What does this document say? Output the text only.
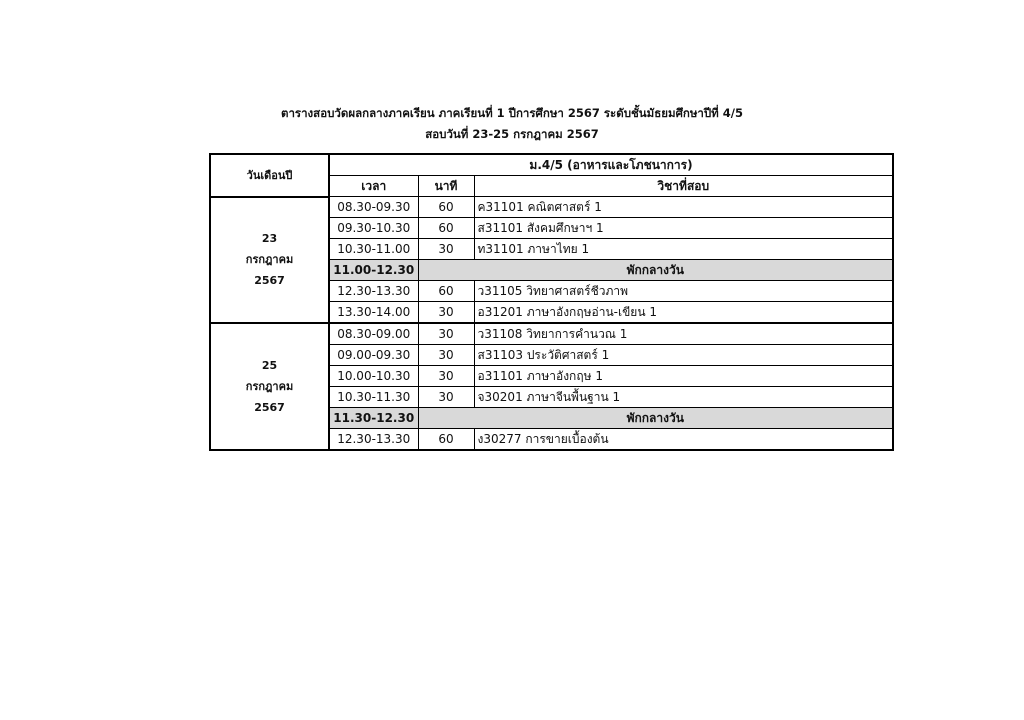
ตารางสอบวัดผลกลางภาคเรียน ภาคเรียนที่ 1 ปีการศึกษา 2567 ระดับชั้นมัธยมศึกษาปีที่ 4/5
สอบวันที่ 23-25 กรกฎาคม 2567
วันเดือนปี	ม.4/5 (อาหารและโภชนาการ)		
	เวลา	นาที	วิชาที่สอบ

23
กรกฎาคม
2567	08.30-09.30	60	ค31101 คณิตศาสตร์ 1
	09.30-10.30	60	ส31101 สังคมศึกษาฯ 1
	10.30-11.00	30	ท31101 ภาษาไทย 1
	11.00-12.30	พักกลางวัน	
	12.30-13.30	60	ว31105 วิทยาศาสตร์ชีวภาพ
	13.30-14.00	30	อ31201 ภาษาอังกฤษอ่าน-เขียน 1

25
กรกฎาคม
2567	08.30-09.00	30	ว31108 วิทยาการคำนวณ 1
	09.00-09.30	30	ส31103 ประวัติศาสตร์ 1
	10.00-10.30	30	อ31101 ภาษาอังกฤษ 1
	10.30-11.30	30	จ30201 ภาษาจีนพื้นฐาน 1
	11.30-12.30	พักกลางวัน	
	12.30-13.30	60	ง30277 การขายเบื้องต้น
